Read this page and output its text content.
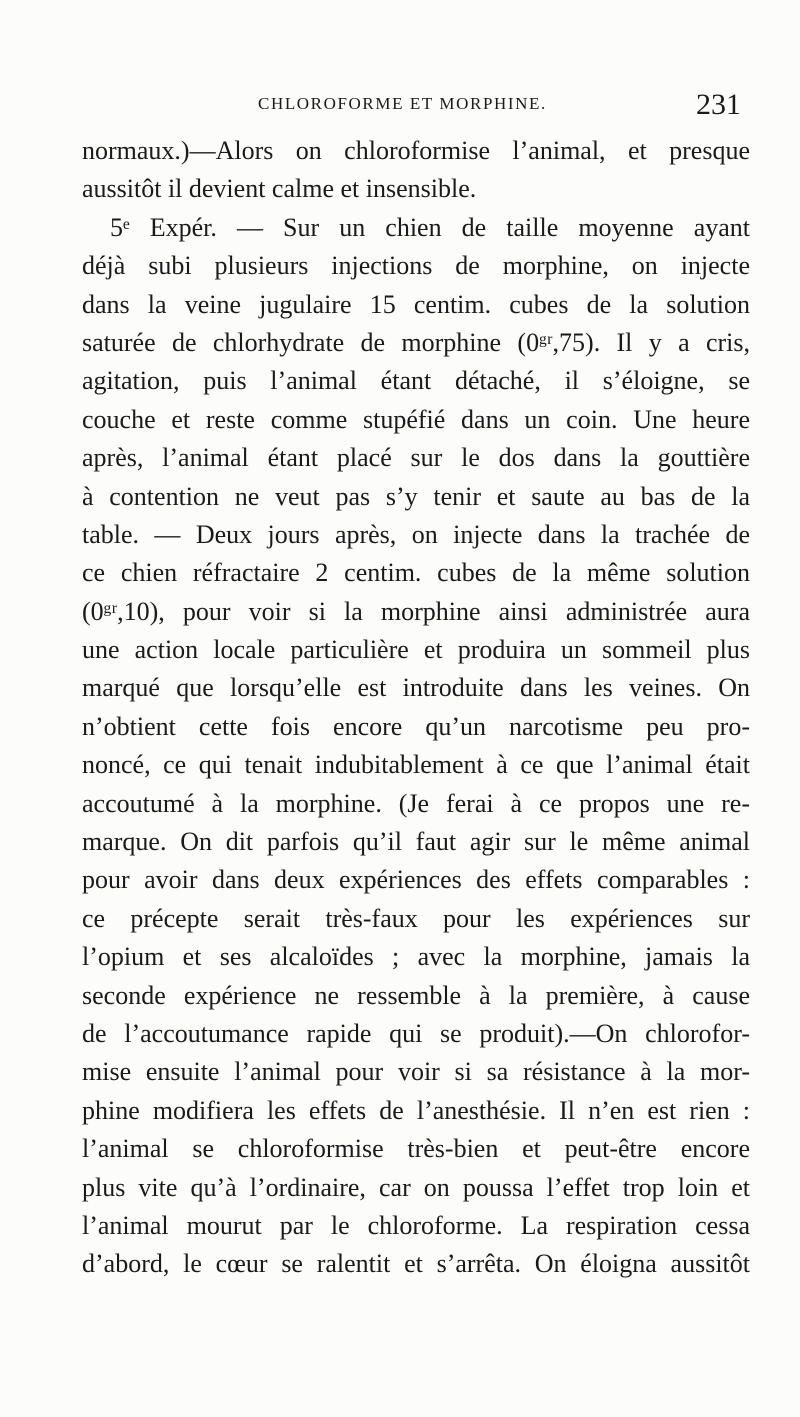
CHLOROFORME ET MORPHINE.	231
normaux.)—Alors on chloroformise l’animal, et presque
aussitôt il devient calme et insensible.
5ᵉ Expér. — Sur un chien de taille moyenne ayant
déjà subi plusieurs injections de morphine, on injecte
dans la veine jugulaire 15 centim. cubes de la solution
saturée de chlorhydrate de morphine (0ᵍʳ,75). Il y a cris,
agitation, puis l’animal étant détaché, il s’éloigne, se
couche et reste comme stupéfié dans un coin. Une heure
après, l’animal étant placé sur le dos dans la gouttière
à contention ne veut pas s’y tenir et saute au bas de la
table. — Deux jours après, on injecte dans la trachée de
ce chien réfractaire 2 centim. cubes de la même solution
(0ᵍʳ,10), pour voir si la morphine ainsi administrée aura
une action locale particulière et produira un sommeil plus
marqué que lorsqu’elle est introduite dans les veines. On
n’obtient cette fois encore qu’un narcotisme peu pro-
noncé, ce qui tenait indubitablement à ce que l’animal était
accoutumé à la morphine. (Je ferai à ce propos une re-
marque. On dit parfois qu’il faut agir sur le même animal
pour avoir dans deux expériences des effets comparables :
ce précepte serait très-faux pour les expériences sur
l’opium et ses alcaloïdes ; avec la morphine, jamais la
seconde expérience ne ressemble à la première, à cause
de l’accoutumance rapide qui se produit).—On chlorofor-
mise ensuite l’animal pour voir si sa résistance à la mor-
phine modifiera les effets de l’anesthésie. Il n’en est rien :
l’animal se chloroformise très-bien et peut-être encore
plus vite qu’à l’ordinaire, car on poussa l’effet trop loin et
l’animal mourut par le chloroforme. La respiration cessa
d’abord, le cœur se ralentit et s’arrêta. On éloigna aussitôt
